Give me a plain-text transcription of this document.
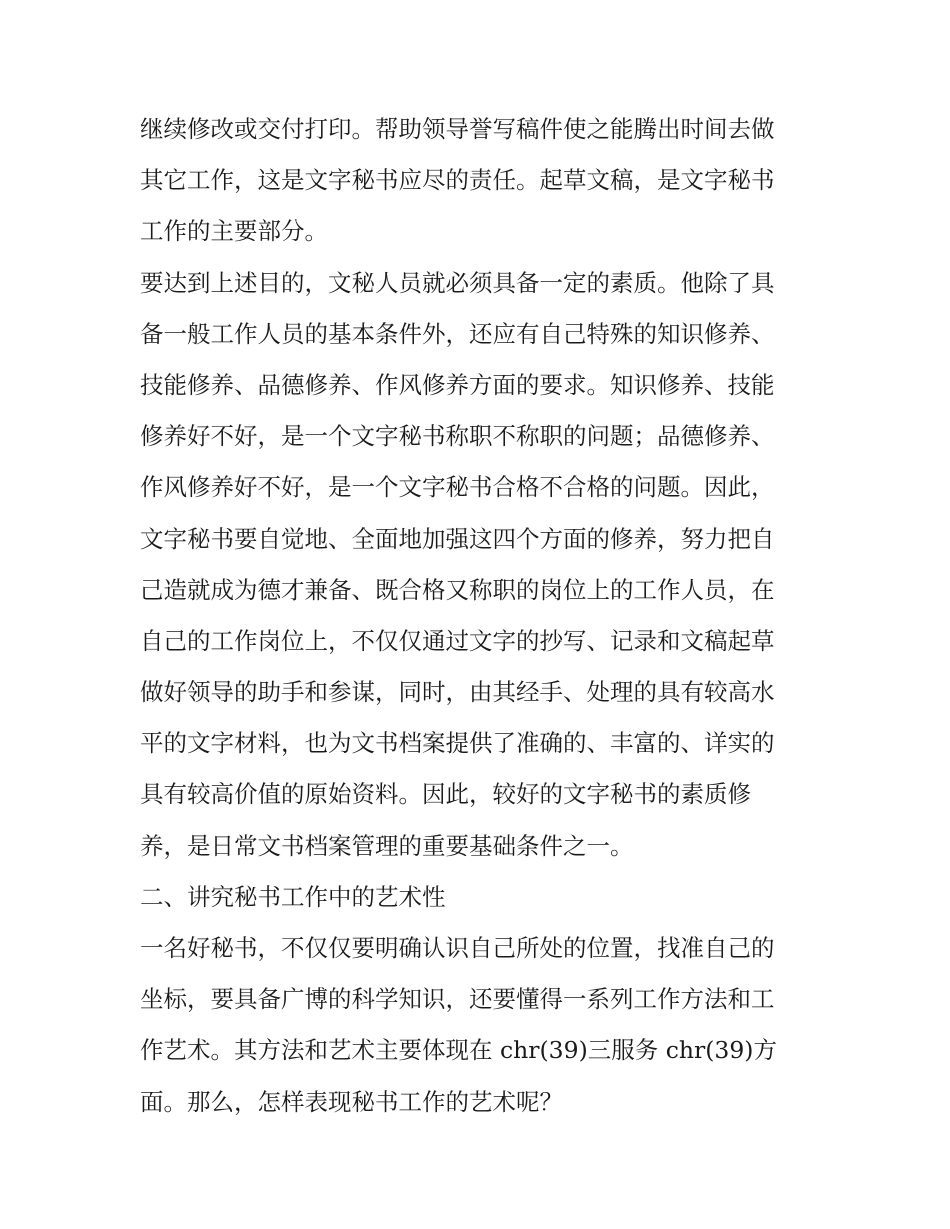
继续修改或交付打印。帮助领导誉写稿件使之能腾出时间去做
其它工作，这是文字秘书应尽的责任。起草文稿，是文字秘书
工作的主要部分。
要达到上述目的，文秘人员就必须具备一定的素质。他除了具
备一般工作人员的基本条件外，还应有自己特殊的知识修养、
技能修养、品德修养、作风修养方面的要求。知识修养、技能
修养好不好，是一个文字秘书称职不称职的问题；品德修养、
作风修养好不好，是一个文字秘书合格不合格的问题。因此，
文字秘书要自觉地、全面地加强这四个方面的修养，努力把自
己造就成为德才兼备、既合格又称职的岗位上的工作人员，在
自己的工作岗位上，不仅仅通过文字的抄写、记录和文稿起草
做好领导的助手和参谋，同时，由其经手、处理的具有较高水
平的文字材料，也为文书档案提供了准确的、丰富的、详实的
具有较高价值的原始资料。因此，较好的文字秘书的素质修
养，是日常文书档案管理的重要基础条件之一。
二、讲究秘书工作中的艺术性
一名好秘书，不仅仅要明确认识自己所处的位置，找准自己的
坐标，要具备广博的科学知识，还要懂得一系列工作方法和工
作艺术。其方法和艺术主要体现在 chr(39)三服务 chr(39)方
面。那么，怎样表现秘书工作的艺术呢？
